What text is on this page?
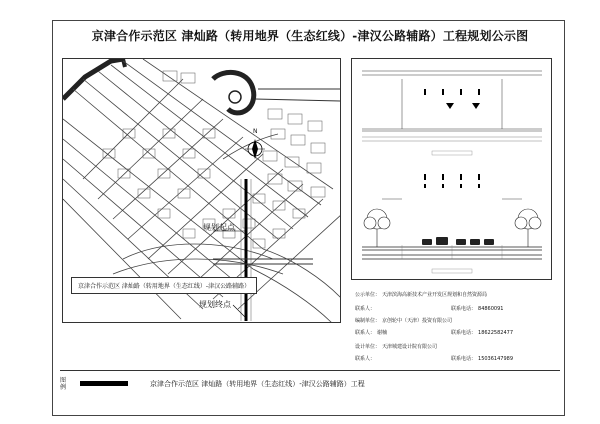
京津合作示范区 津灿路（转用地界（生态红线）-津汉公路辅路）工程规划公示图
N
规划起点
京津合作示范区 津灿路（转用地界（生态红线）-津汉公路辅路）
规划终点
公示单位： 天津滨海高新技术产业开发区规划和自然资源局
联系人：	联系电话： 84860091
编制单位： 京创轮中（天津）投资有限公司
联系人： 谢楠	联系电话： 18622582477
设计单位： 天津城建设计院有限公司
联系人：	联系电话： 15036147989
图例	京津合作示范区 津灿路（转用地界（生态红线）-津汉公路辅路）工程
